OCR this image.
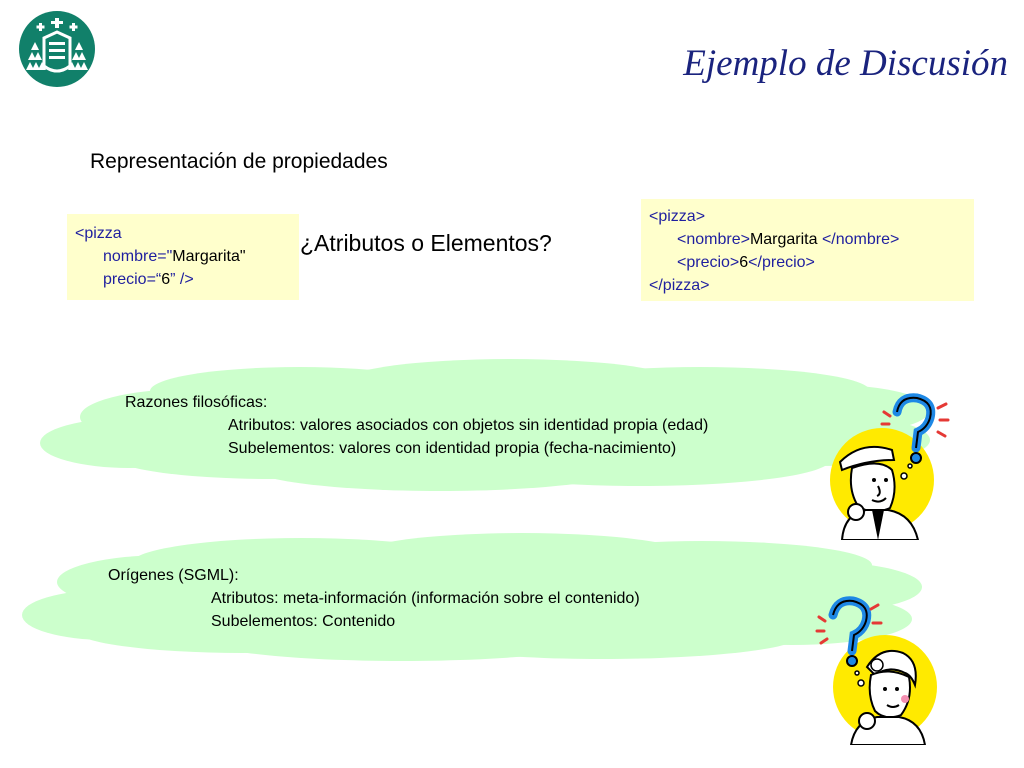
Ejemplo de Discusión
Representación de propiedades
<pizza
nombre="Margarita"
precio=“6” />
¿Atributos o Elementos?
<pizza>
<nombre>Margarita </nombre>
<precio>6</precio>
</pizza>
Razones filosóficas:
Atributos: valores asociados con objetos sin identidad propia (edad)
Subelementos: valores con identidad propia (fecha-nacimiento)
Orígenes (SGML):
Atributos: meta-información (información sobre el contenido)
Subelementos: Contenido
